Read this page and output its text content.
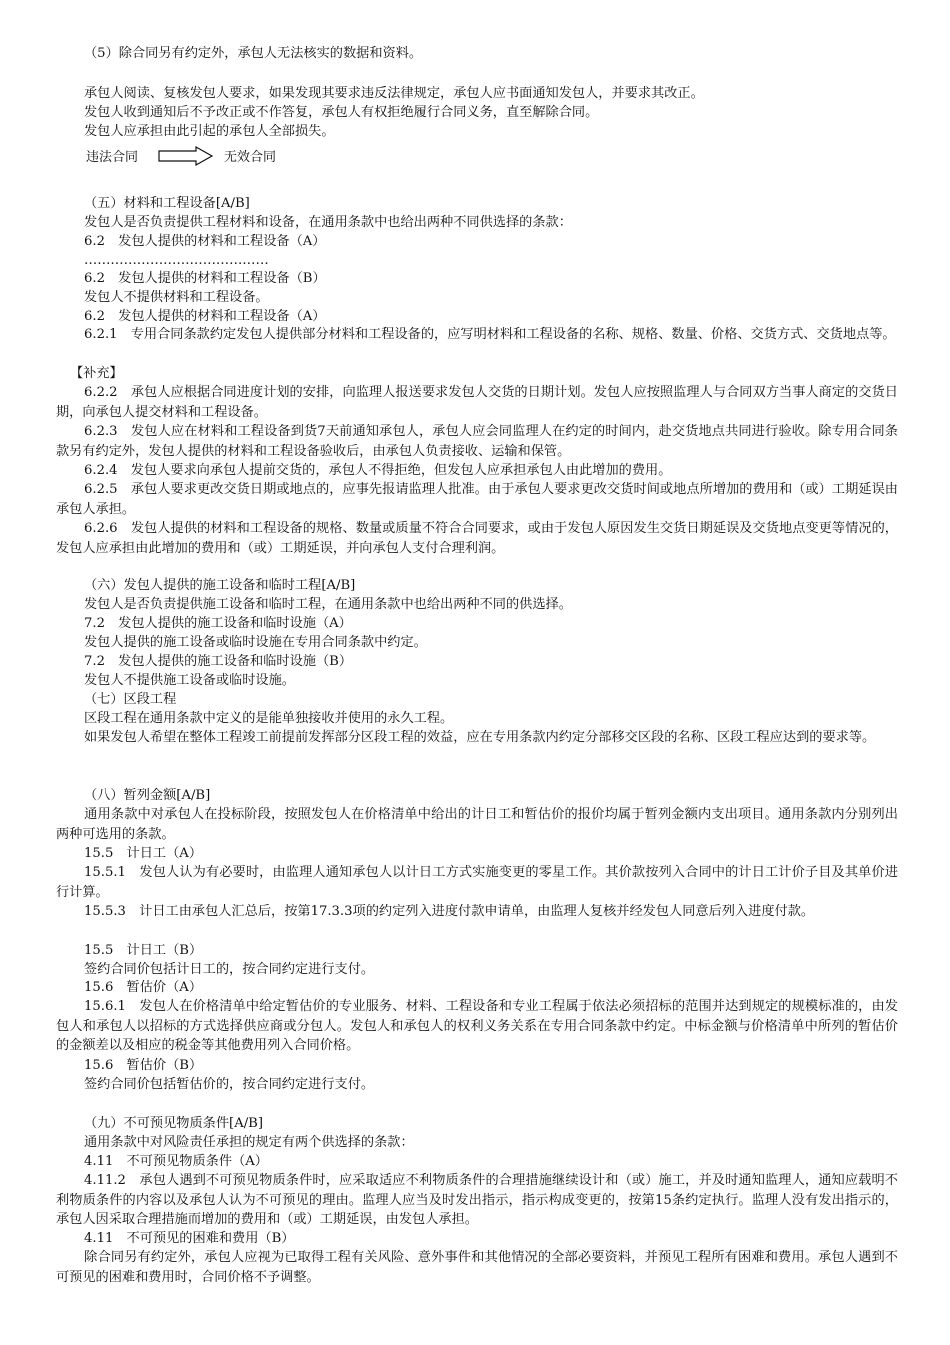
（5）除合同另有约定外，承包人无法核实的数据和资料。
承包人阅读、复核发包人要求，如果发现其要求违反法律规定，承包人应书面通知发包人，并要求其改正。
发包人收到通知后不予改正或不作答复，承包人有权拒绝履行合同义务，直至解除合同。
发包人应承担由此引起的承包人全部损失。
违法合同	无效合同
（五）材料和工程设备[A/B]
发包人是否负责提供工程材料和设备，在通用条款中也给出两种不同供选择的条款：
6.2　发包人提供的材料和工程设备（A）
……………………………………
6.2　发包人提供的材料和工程设备（B）
发包人不提供材料和工程设备。
6.2　发包人提供的材料和工程设备（A）
6.2.1　专用合同条款约定发包人提供部分材料和工程设备的，应写明材料和工程设备的名称、规格、数量、价格、交货方式、交货地点等。
【补充】
6.2.2　承包人应根据合同进度计划的安排，向监理人报送要求发包人交货的日期计划。发包人应按照监理人与合同双方当事人商定的交货日期，向承包人提交材料和工程设备。
6.2.3　发包人应在材料和工程设备到货7天前通知承包人，承包人应会同监理人在约定的时间内，赴交货地点共同进行验收。除专用合同条款另有约定外，发包人提供的材料和工程设备验收后，由承包人负责接收、运输和保管。
6.2.4　发包人要求向承包人提前交货的，承包人不得拒绝，但发包人应承担承包人由此增加的费用。
6.2.5　承包人要求更改交货日期或地点的，应事先报请监理人批准。由于承包人要求更改交货时间或地点所增加的费用和（或）工期延误由承包人承担。
6.2.6　发包人提供的材料和工程设备的规格、数量或质量不符合合同要求，或由于发包人原因发生交货日期延误及交货地点变更等情况的，发包人应承担由此增加的费用和（或）工期延误，并向承包人支付合理利润。
（六）发包人提供的施工设备和临时工程[A/B]
发包人是否负责提供施工设备和临时工程，在通用条款中也给出两种不同的供选择。
7.2　发包人提供的施工设备和临时设施（A）
发包人提供的施工设备或临时设施在专用合同条款中约定。
7.2　发包人提供的施工设备和临时设施（B）
发包人不提供施工设备或临时设施。
（七）区段工程
区段工程在通用条款中定义的是能单独接收并使用的永久工程。
如果发包人希望在整体工程竣工前提前发挥部分区段工程的效益，应在专用条款内约定分部移交区段的名称、区段工程应达到的要求等。
（八）暂列金额[A/B]
通用条款中对承包人在投标阶段，按照发包人在价格清单中给出的计日工和暂估价的报价均属于暂列金额内支出项目。通用条款内分别列出两种可选用的条款。
15.5　计日工（A）
15.5.1　发包人认为有必要时，由监理人通知承包人以计日工方式实施变更的零星工作。其价款按列入合同中的计日工计价子目及其单价进行计算。
15.5.3　计日工由承包人汇总后，按第17.3.3项的约定列入进度付款申请单，由监理人复核并经发包人同意后列入进度付款。
15.5　计日工（B）
签约合同价包括计日工的，按合同约定进行支付。
15.6　暂估价（A）
15.6.1　发包人在价格清单中给定暂估价的专业服务、材料、工程设备和专业工程属于依法必须招标的范围并达到规定的规模标准的，由发包人和承包人以招标的方式选择供应商或分包人。发包人和承包人的权利义务关系在专用合同条款中约定。中标金额与价格清单中所列的暂估价的金额差以及相应的税金等其他费用列入合同价格。
15.6　暂估价（B）
签约合同价包括暂估价的，按合同约定进行支付。
（九）不可预见物质条件[A/B]
通用条款中对风险责任承担的规定有两个供选择的条款：
4.11　不可预见物质条件（A）
4.11.2　承包人遇到不可预见物质条件时，应采取适应不利物质条件的合理措施继续设计和（或）施工，并及时通知监理人，通知应载明不利物质条件的内容以及承包人认为不可预见的理由。监理人应当及时发出指示，指示构成变更的，按第15条约定执行。监理人没有发出指示的，承包人因采取合理措施而增加的费用和（或）工期延误，由发包人承担。
4.11　不可预见的困难和费用（B）
除合同另有约定外，承包人应视为已取得工程有关风险、意外事件和其他情况的全部必要资料，并预见工程所有困难和费用。承包人遇到不可预见的困难和费用时，合同价格不予调整。
